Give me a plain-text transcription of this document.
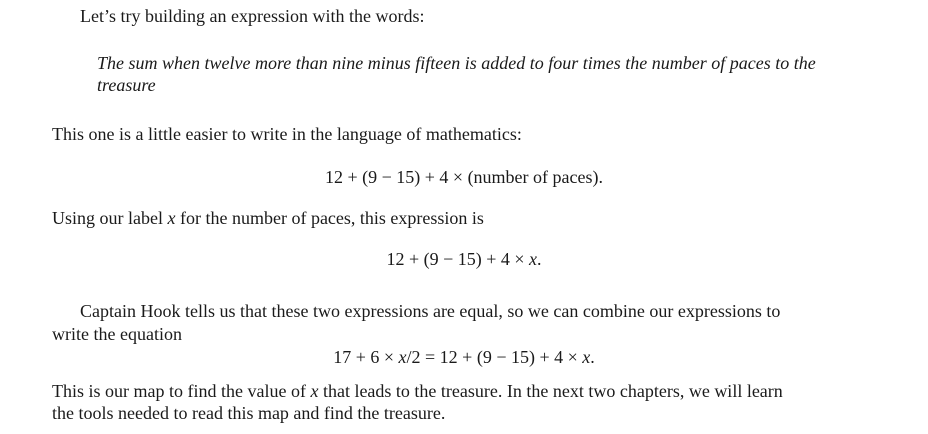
Let’s try building an expression with the words:

The sum when twelve more than nine minus fifteen is added to four times the number of paces to the

treasure

This one is a little easier to write in the language of mathematics:

12 + (9 − 15) + 4 × (number of paces).

Using our label x for the number of paces, this expression is

12 + (9 − 15) + 4 × x.

Captain Hook tells us that these two expressions are equal, so we can combine our expressions to

write the equation

17 + 6 × x/2 = 12 + (9 − 15) + 4 × x.

This is our map to find the value of x that leads to the treasure. In the next two chapters, we will learn

the tools needed to read this map and find the treasure.
